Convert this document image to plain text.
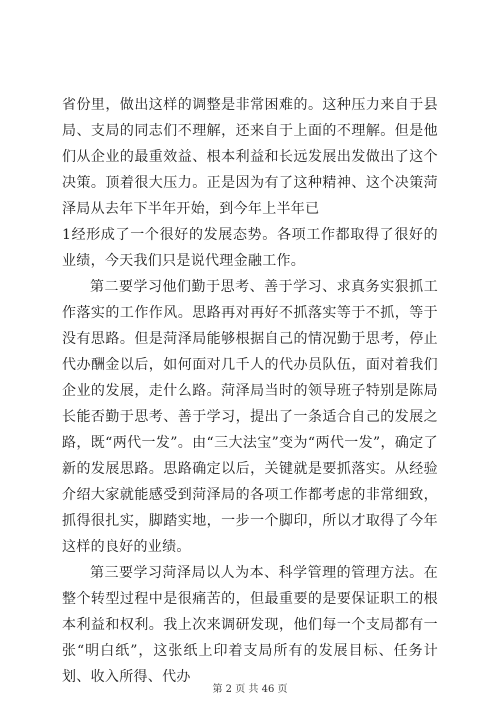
省份里，做出这样的调整是非常困难的。这种压力来自于县局、支局的同志们不理解，还来自于上面的不理解。但是他们从企业的最重效益、根本利益和长远发展出发做出了这个决策。顶着很大压力。正是因为有了这种精神、这个决策菏泽局从去年下半年开始，到今年上半年已

1经形成了一个很好的发展态势。各项工作都取得了很好的业绩，今天我们只是说代理金融工作。

第二要学习他们勤于思考、善于学习、求真务实狠抓工作落实的工作作风。思路再对再好不抓落实等于不抓，等于没有思路。但是菏泽局能够根据自己的情况勤于思考，停止代办酬金以后，如何面对几千人的代办员队伍，面对着我们企业的发展，走什么路。菏泽局当时的领导班子特别是陈局长能否勤于思考、善于学习，提出了一条适合自己的发展之路，既“两代一发”。由“三大法宝”变为“两代一发”，确定了新的发展思路。思路确定以后，关键就是要抓落实。从经验介绍大家就能感受到菏泽局的各项工作都考虑的非常细致，抓得很扎实，脚踏实地，一步一个脚印，所以才取得了今年这样的良好的业绩。

第三要学习菏泽局以人为本、科学管理的管理方法。在整个转型过程中是很痛苦的，但最重要的是要保证职工的根本利益和权利。我上次来调研发现，他们每一个支局都有一张“明白纸”，这张纸上印着支局所有的发展目标、任务计划、收入所得、代办

第 2 页 共 46 页
